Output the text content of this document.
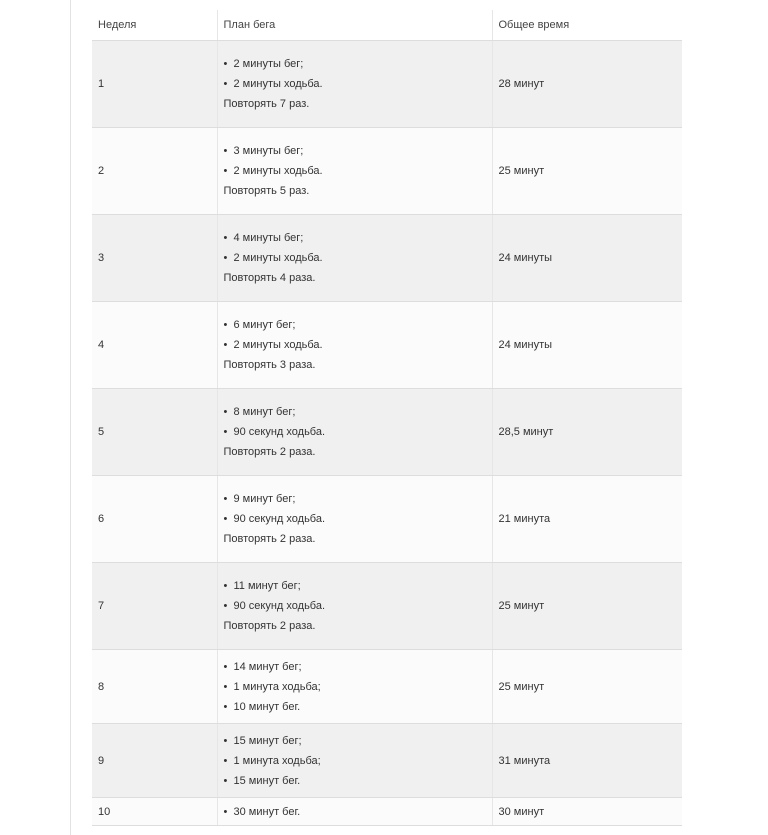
Неделя	План бега	Общее время
1	• 2 минуты бег;
• 2 минуты ходьба.
Повторять 7 раз.	28 минут
2	• 3 минуты бег;
• 2 минуты ходьба.
Повторять 5 раз.	25 минут
3	• 4 минуты бег;
• 2 минуты ходьба.
Повторять 4 раза.	24 минуты
4	• 6 минут бег;
• 2 минуты ходьба.
Повторять 3 раза.	24 минуты
5	• 8 минут бег;
• 90 секунд ходьба.
Повторять 2 раза.	28,5 минут
6	• 9 минут бег;
• 90 секунд ходьба.
Повторять 2 раза.	21 минута
7	• 11 минут бег;
• 90 секунд ходьба.
Повторять 2 раза.	25 минут
8	• 14 минут бег;
• 1 минута ходьба;
• 10 минут бег.	25 минут
9	• 15 минут бег;
• 1 минута ходьба;
• 15 минут бег.	31 минута
10	• 30 минут бег.	30 минут
